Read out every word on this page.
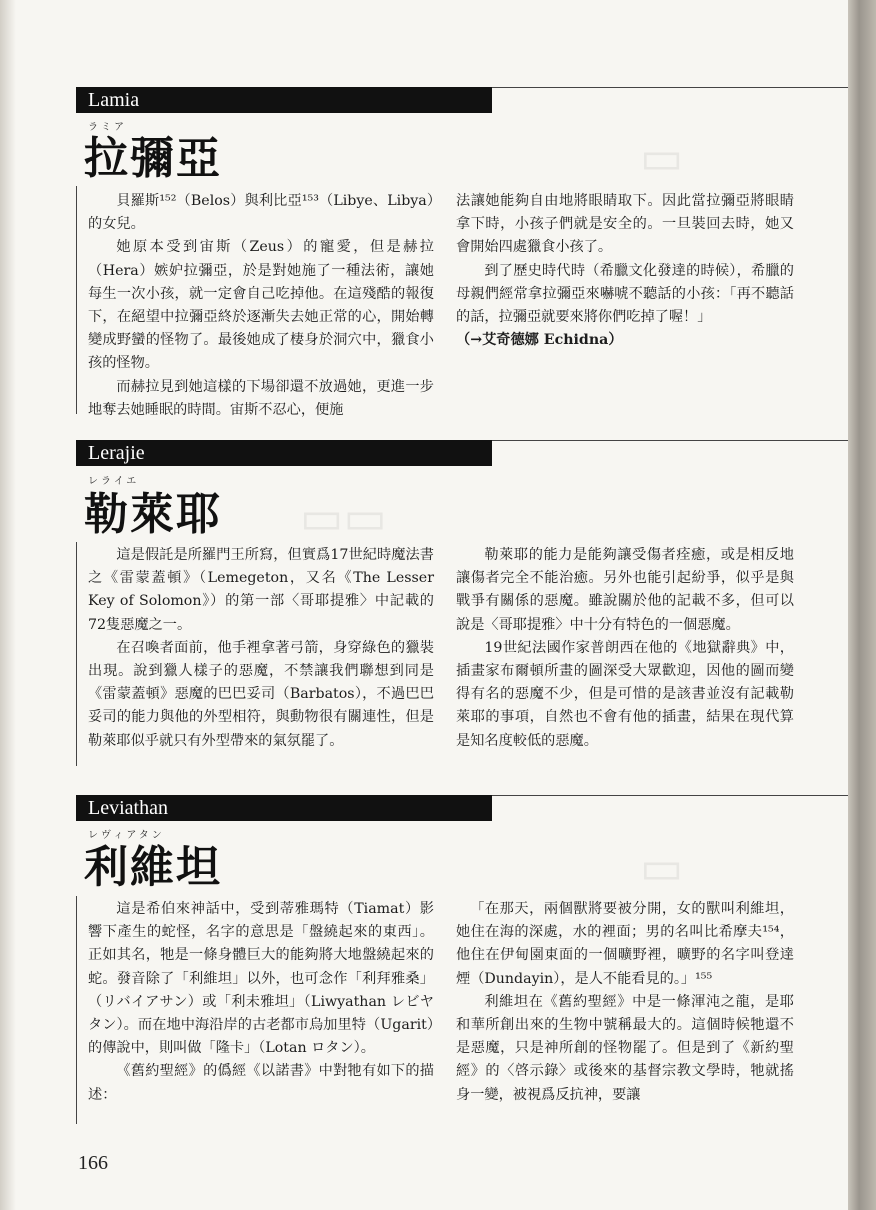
▭
▭▭
▭
Lamia
ラミア
拉彌亞

貝羅斯¹⁵²（Belos）與利比亞¹⁵³（Libye、Libya）的女兒。

她原本受到宙斯（Zeus）的寵愛，但是赫拉（Hera）嫉妒拉彌亞，於是對她施了一種法術，讓她每生一次小孩，就一定會自己吃掉他。在這殘酷的報復下，在絕望中拉彌亞終於逐漸失去她正常的心，開始轉變成野蠻的怪物了。最後她成了棲身於洞穴中，獵食小孩的怪物。

而赫拉見到她這樣的下場卻還不放過她，更進一步地奪去她睡眠的時間。宙斯不忍心，便施

法讓她能夠自由地將眼睛取下。因此當拉彌亞將眼睛拿下時，小孩子們就是安全的。一旦裝回去時，她又會開始四處獵食小孩了。

到了歷史時代時（希臘文化發達的時候），希臘的母親們經常拿拉彌亞來嚇唬不聽話的小孩：「再不聽話的話，拉彌亞就要來將你們吃掉了喔！」

（→艾奇德娜 Echidna）

Lerajie
レライエ
勒萊耶

這是假託是所羅門王所寫，但實爲17世紀時魔法書之《雷蒙蓋頓》（Lemegeton，又名《The Lesser Key of Solomon》）的第一部〈哥耶提雅〉中記載的72隻惡魔之一。

在召喚者面前，他手裡拿著弓箭，身穿綠色的獵裝出現。說到獵人樣子的惡魔，不禁讓我們聯想到同是《雷蒙蓋頓》惡魔的巴巴妥司（Barbatos），不過巴巴妥司的能力與他的外型相符，與動物很有關連性，但是勒萊耶似乎就只有外型帶來的氣氛罷了。

勒萊耶的能力是能夠讓受傷者痊癒，或是相反地讓傷者完全不能治癒。另外也能引起紛爭，似乎是與戰爭有關係的惡魔。雖說關於他的記載不多，但可以說是〈哥耶提雅〉中十分有特色的一個惡魔。

19世紀法國作家普朗西在他的《地獄辭典》中，插畫家布爾頓所畫的圖深受大眾歡迎，因他的圖而變得有名的惡魔不少，但是可惜的是該書並沒有記載勒萊耶的事項，自然也不會有他的插畫，結果在現代算是知名度較低的惡魔。

Leviathan
レヴィアタン
利維坦

這是希伯來神話中，受到蒂雅瑪特（Tiamat）影響下產生的蛇怪，名字的意思是「盤繞起來的東西」。正如其名，牠是一條身體巨大的能夠將大地盤繞起來的蛇。發音除了「利維坦」以外，也可念作「利拜雅桑」（リバイアサン）或「利未雅坦」（Liwyathan レビヤタン）。而在地中海沿岸的古老都市烏加里特（Ugarit）的傳說中，則叫做「隆卡」（Lotan ロタン）。

《舊約聖經》的僞經《以諾書》中對牠有如下的描述：

「在那天，兩個獸將要被分開，女的獸叫利維坦，她住在海的深處，水的裡面；男的名叫比希摩夫¹⁵⁴，他住在伊甸園東面的一個曠野裡，曠野的名字叫登達煙（Dundayin），是人不能看見的。」¹⁵⁵

利維坦在《舊約聖經》中是一條渾沌之龍，是耶和華所創出來的生物中號稱最大的。這個時候牠還不是惡魔，只是神所創的怪物罷了。但是到了《新約聖經》的〈啓示錄〉或後來的基督宗教文學時，牠就搖身一變，被視爲反抗神，要讓

166
